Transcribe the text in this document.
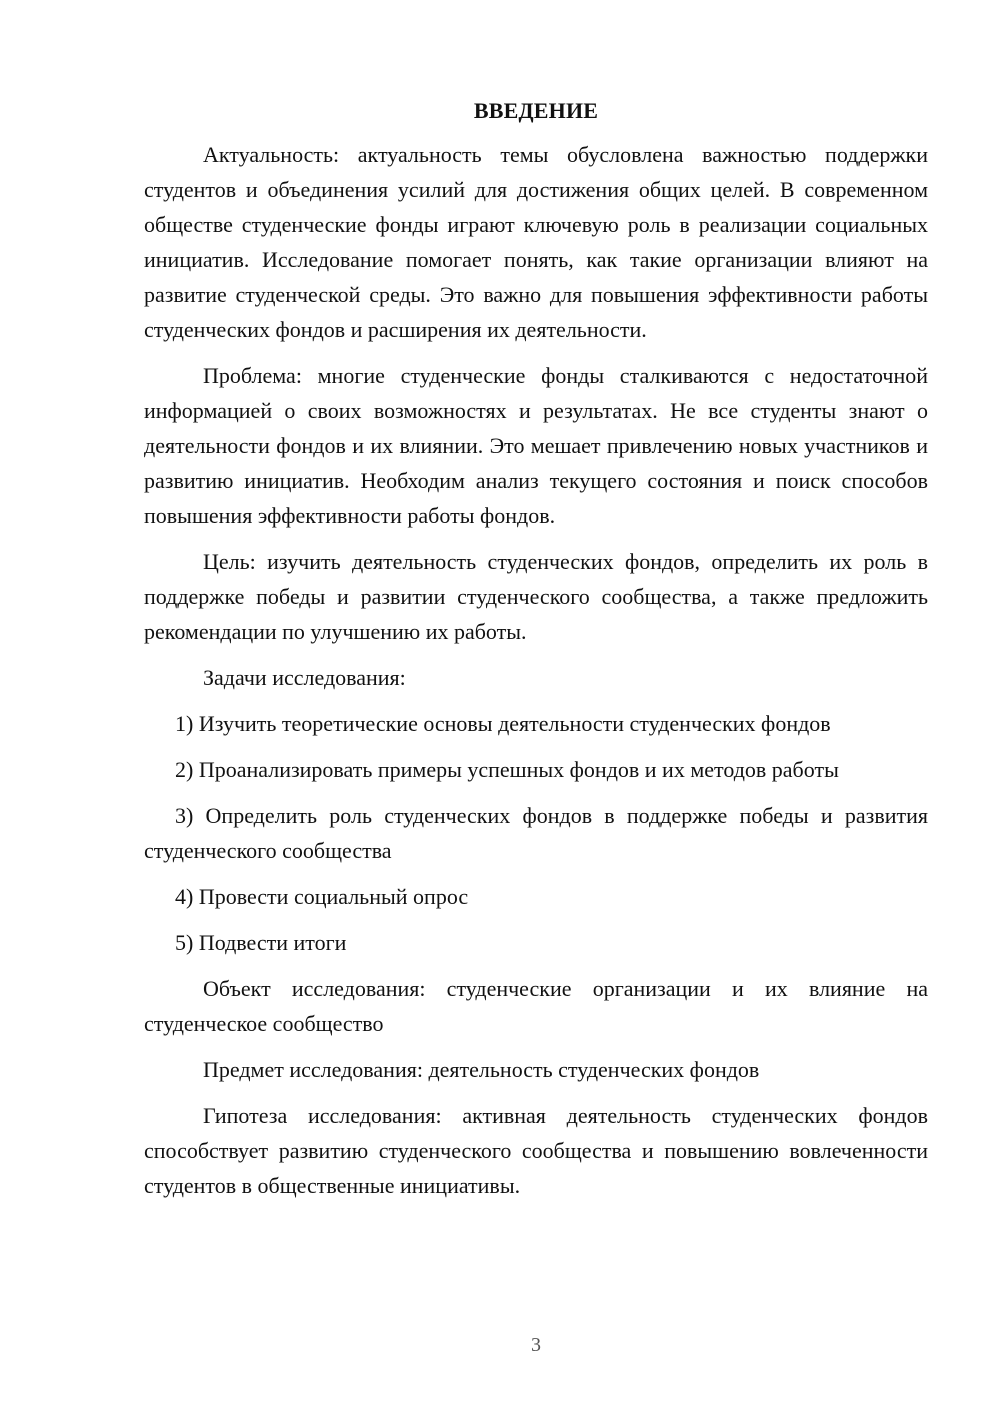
ВВЕДЕНИЕ

Актуальность: актуальность темы обусловлена важностью поддержки студентов и объединения усилий для достижения общих целей. В современном обществе студенческие фонды играют ключевую роль в реализации социальных инициатив. Исследование помогает понять, как такие организации влияют на развитие студенческой среды. Это важно для повышения эффективности работы студенческих фондов и расширения их деятельности.

Проблема: многие студенческие фонды сталкиваются с недостаточной информацией о своих возможностях и результатах. Не все студенты знают о деятельности фондов и их влиянии. Это мешает привлечению новых участников и развитию инициатив. Необходим анализ текущего состояния и поиск способов повышения эффективности работы фондов.

Цель: изучить деятельность студенческих фондов, определить их роль в поддержке победы и развитии студенческого сообщества, а также предложить рекомендации по улучшению их работы.

Задачи исследования:

1) Изучить теоретические основы деятельности студенческих фондов

2) Проанализировать примеры успешных фондов и их методов работы

3) Определить роль студенческих фондов в поддержке победы и развития студенческого сообщества

4) Провести социальный опрос

5) Подвести итоги

Объект исследования: студенческие организации и их влияние на студенческое сообщество

Предмет исследования: деятельность студенческих фондов

Гипотеза исследования: активная деятельность студенческих фондов способствует развитию студенческого сообщества и повышению вовлеченности студентов в общественные инициативы.

3
